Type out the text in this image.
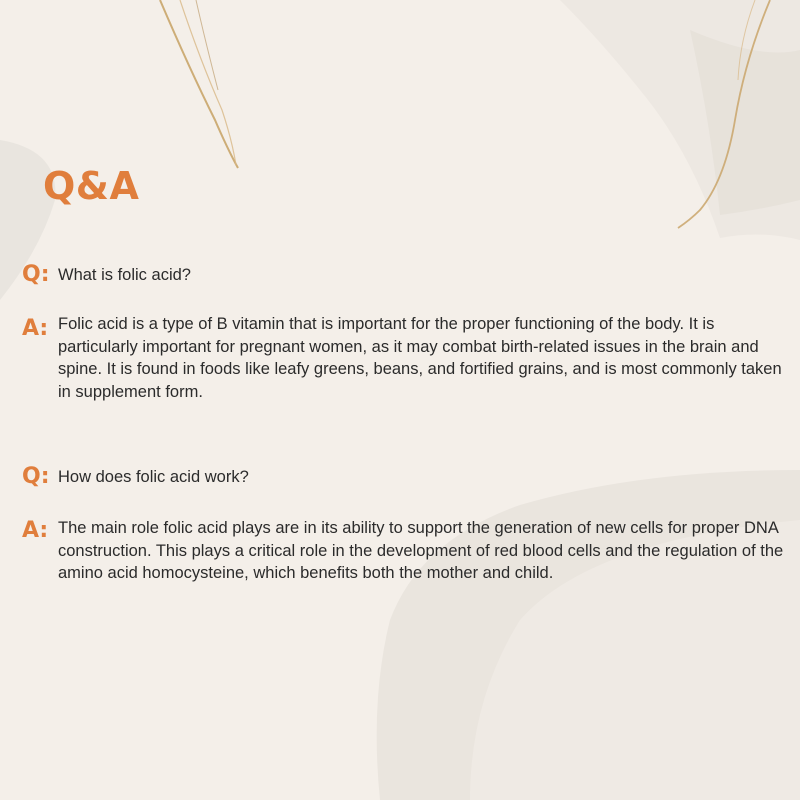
Q&A
Q: What is folic acid?
A: Folic acid is a type of B vitamin that is important for the proper functioning of the body. It is particularly important for pregnant women, as it may combat birth-related issues in the brain and spine. It is found in foods like leafy greens, beans, and fortified grains, and is most commonly taken in supplement form.
Q: How does folic acid work?
A: The main role folic acid plays are in its ability to support the generation of new cells for proper DNA construction. This plays a critical role in the development of red blood cells and the regulation of the amino acid homocysteine, which benefits both the mother and child.
